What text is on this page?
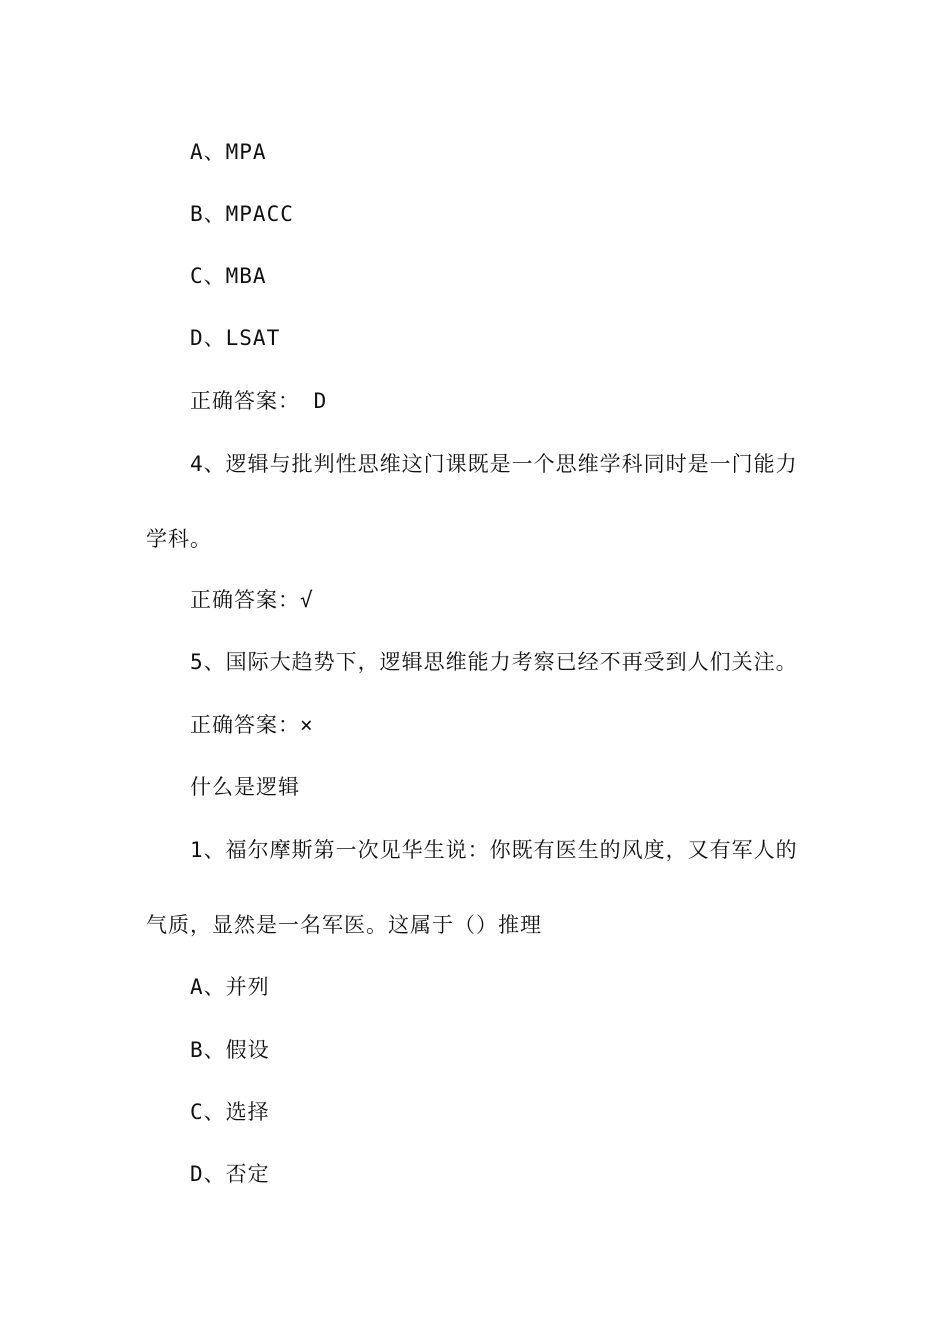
A、MPA
B、MPACC
C、MBA
D、LSAT
正确答案： D
4、逻辑与批判性思维这门课既是一个思维学科同时是一门能力
学科。
正确答案：√
5、国际大趋势下，逻辑思维能力考察已经不再受到人们关注。
正确答案：×
什么是逻辑
1、福尔摩斯第一次见华生说：你既有医生的风度，又有军人的
气质，显然是一名军医。这属于（）推理
A、并列
B、假设
C、选择
D、否定
